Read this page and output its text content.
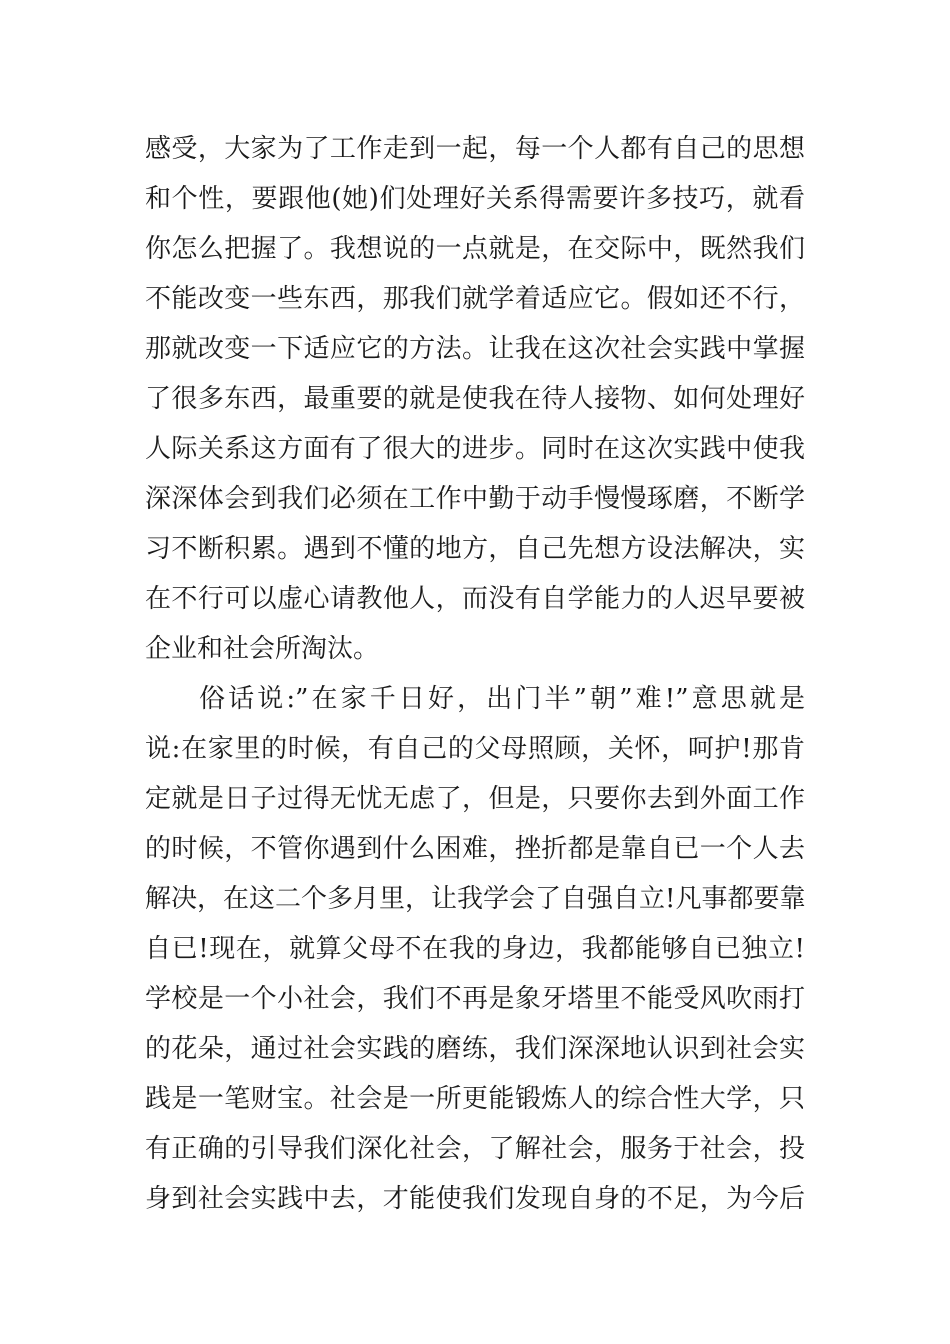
感受，大家为了工作走到一起，每一个人都有自己的思想
和个性，要跟他(她)们处理好关系得需要许多技巧，就看
你怎么把握了。我想说的一点就是，在交际中，既然我们
不能改变一些东西，那我们就学着适应它。假如还不行，
那就改变一下适应它的方法。让我在这次社会实践中掌握
了很多东西，最重要的就是使我在待人接物、如何处理好
人际关系这方面有了很大的进步。同时在这次实践中使我
深深体会到我们必须在工作中勤于动手慢慢琢磨，不断学
习不断积累。遇到不懂的地方，自己先想方设法解决，实
在不行可以虚心请教他人，而没有自学能力的人迟早要被
企业和社会所淘汰。
俗话说:”在家千日好，出门半”朝”难!”意思就是
说:在家里的时候，有自己的父母照顾，关怀，呵护!那肯
定就是日子过得无忧无虑了，但是，只要你去到外面工作
的时候，不管你遇到什么困难，挫折都是靠自已一个人去
解决，在这二个多月里，让我学会了自强自立!凡事都要靠
自已!现在，就算父母不在我的身边，我都能够自已独立!
学校是一个小社会，我们不再是象牙塔里不能受风吹雨打
的花朵，通过社会实践的磨练，我们深深地认识到社会实
践是一笔财宝。社会是一所更能锻炼人的综合性大学，只
有正确的引导我们深化社会，了解社会，服务于社会，投
身到社会实践中去，才能使我们发现自身的不足，为今后
